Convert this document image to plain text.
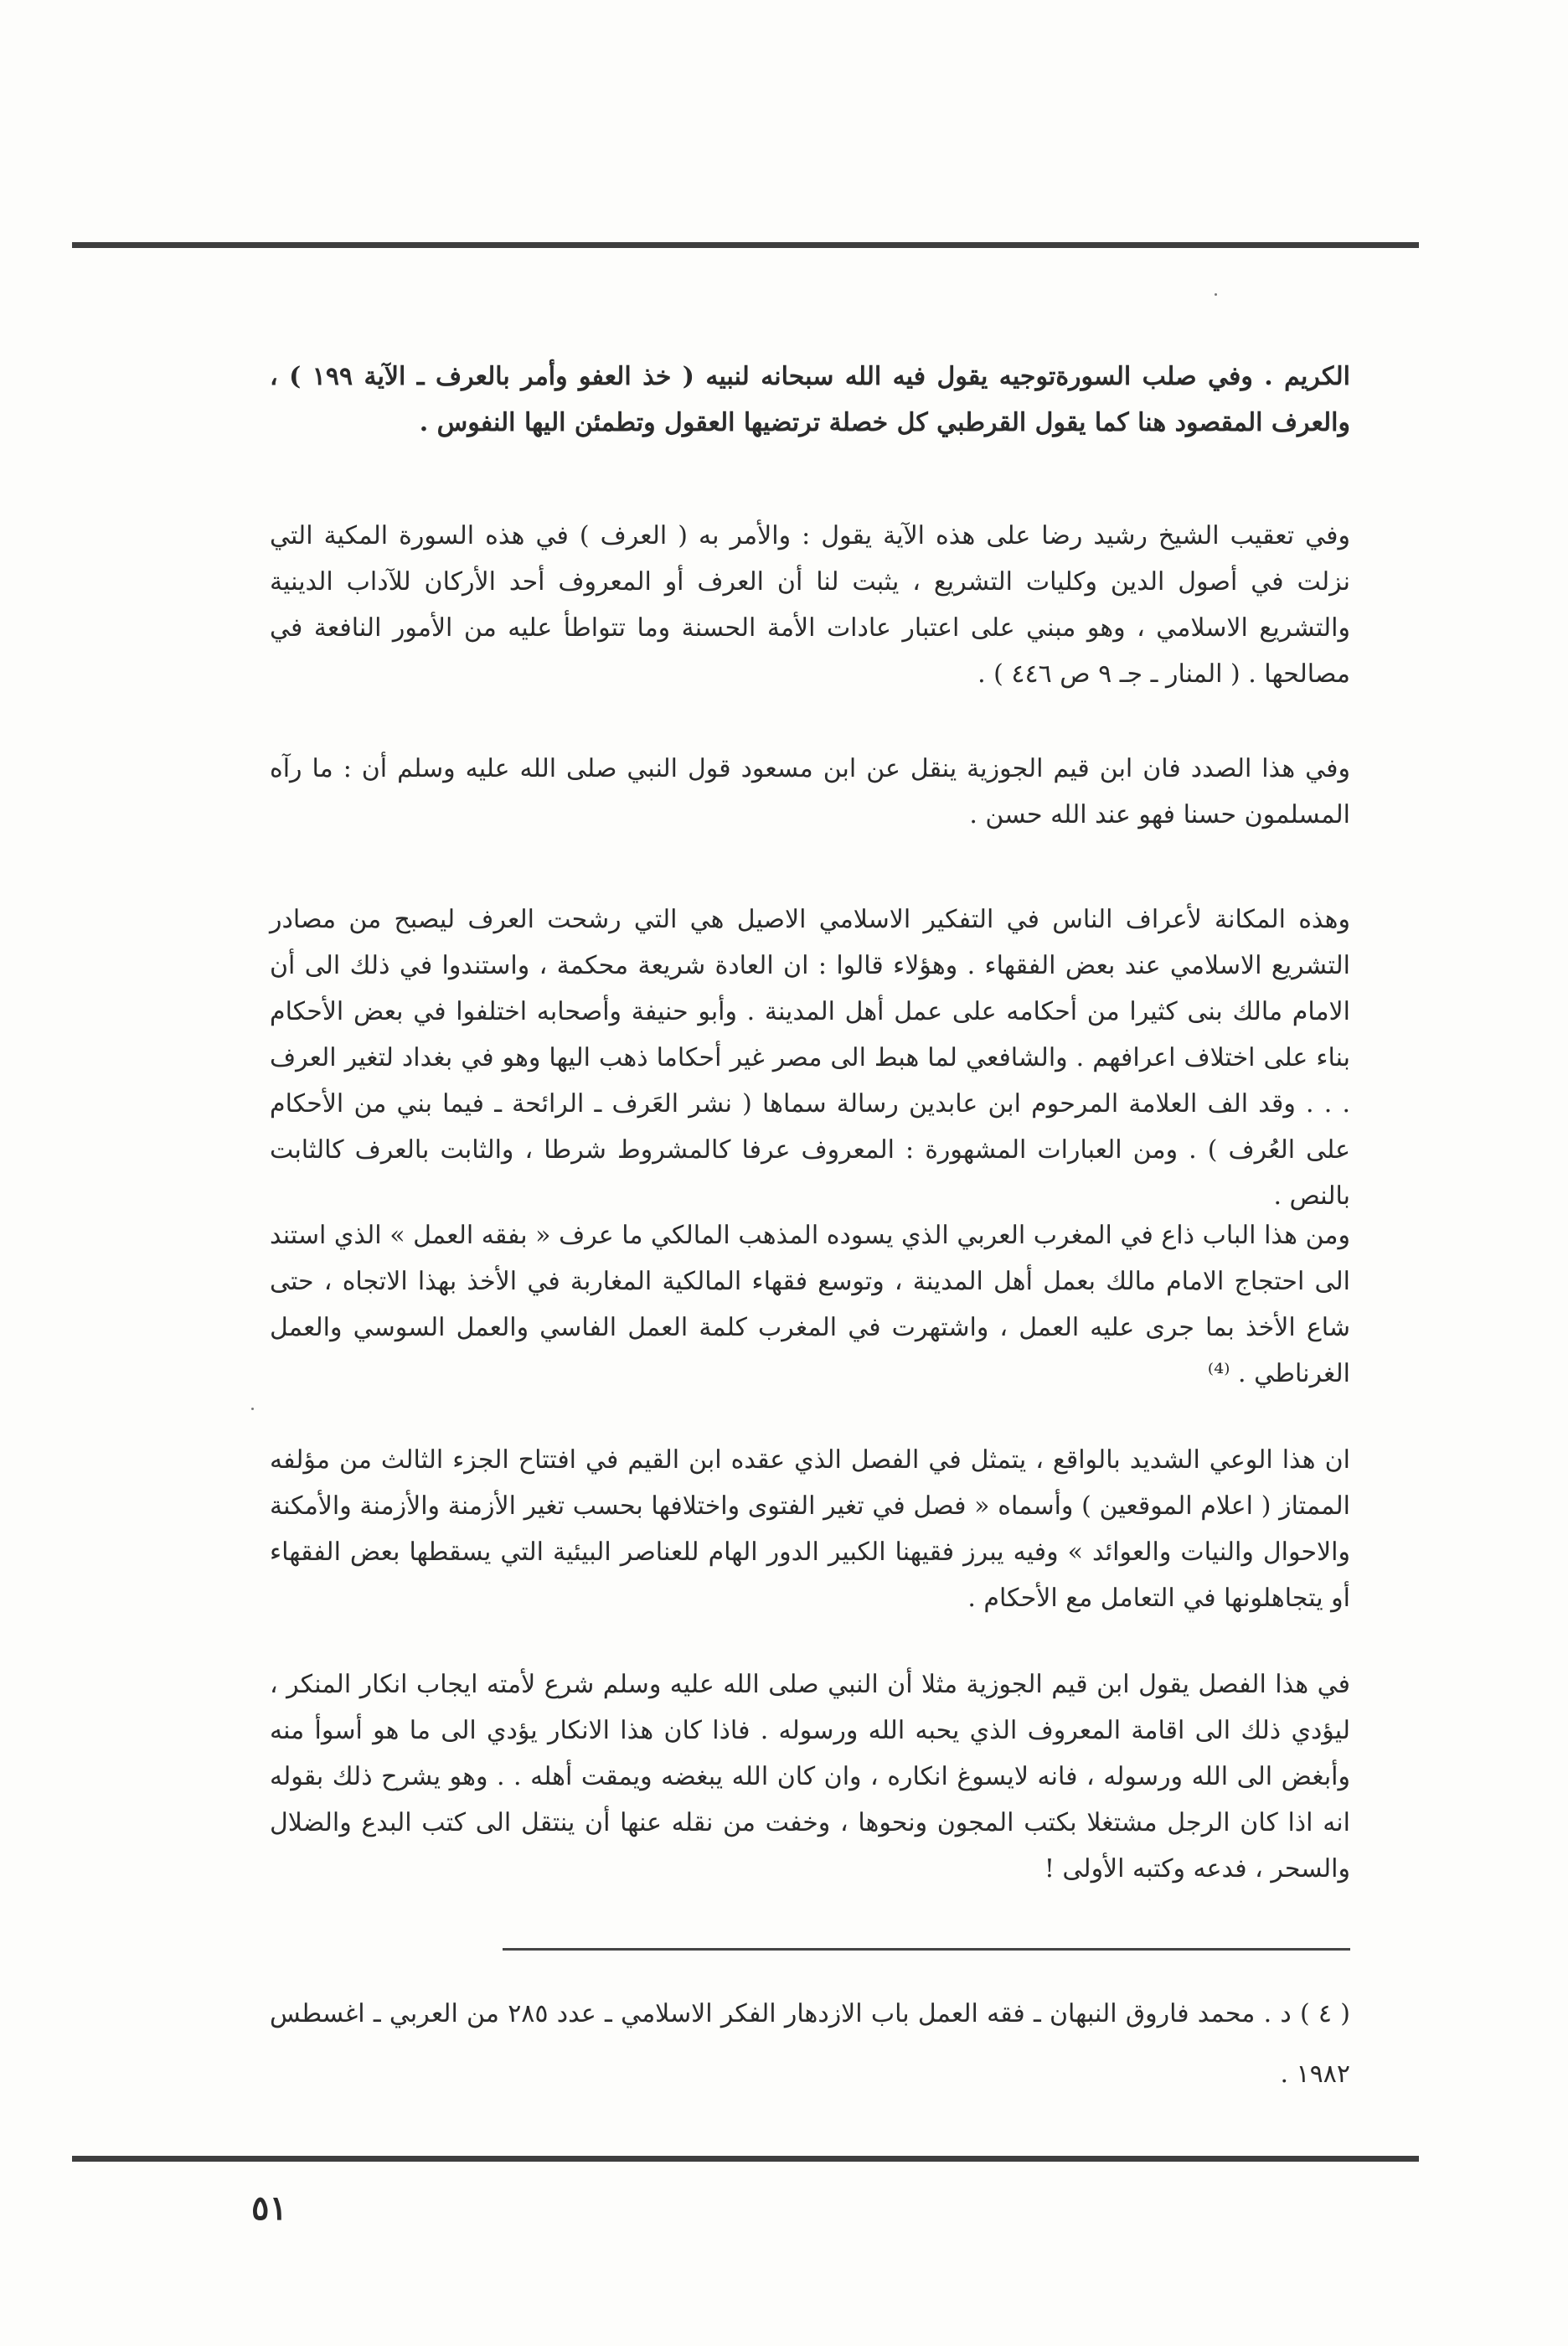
الكريم . وفي صلب السورةتوجيه يقول فيه الله سبحانه لنبيه ( خذ العفو وأمر بالعرف ـ الآية ١٩٩ ) ، والعرف المقصود هنا كما يقول القرطبي كل خصلة ترتضيها العقول وتطمئن اليها النفوس .

وفي تعقيب الشيخ رشيد رضا على هذه الآية يقول : والأمر به ( العرف ) في هذه السورة المكية التي نزلت في أصول الدين وكليات التشريع ، يثبت لنا أن العرف أو المعروف أحد الأركان للآداب الدينية والتشريع الاسلامي ، وهو مبني على اعتبار عادات الأمة الحسنة وما تتواطأ عليه من الأمور النافعة في مصالحها . ( المنار ـ جـ ٩ ص ٤٤٦ ) .

وفي هذا الصدد فان ابن قيم الجوزية ينقل عن ابن مسعود قول النبي صلى الله عليه وسلم أن : ما رآه المسلمون حسنا فهو عند الله حسن .

وهذه المكانة لأعراف الناس في التفكير الاسلامي الاصيل هي التي رشحت العرف ليصبح من مصادر التشريع الاسلامي عند بعض الفقهاء . وهؤلاء قالوا : ان العادة شريعة محكمة ، واستندوا في ذلك الى أن الامام مالك بنى كثيرا من أحكامه على عمل أهل المدينة . وأبو حنيفة وأصحابه اختلفوا في بعض الأحكام بناء على اختلاف اعرافهم . والشافعي لما هبط الى مصر غير أحكاما ذهب اليها وهو في بغداد لتغير العرف . . . وقد الف العلامة المرحوم ابن عابدين رسالة سماها ( نشر العَرف ـ الرائحة ـ فيما بني من الأحكام على العُرف ) . ومن العبارات المشهورة : المعروف عرفا كالمشروط شرطا ، والثابت بالعرف كالثابت بالنص .

ومن هذا الباب ذاع في المغرب العربي الذي يسوده المذهب المالكي ما عرف « بفقه العمل » الذي استند الى احتجاج الامام مالك بعمل أهل المدينة ، وتوسع فقهاء المالكية المغاربة في الأخذ بهذا الاتجاه ، حتى شاع الأخذ بما جرى عليه العمل ، واشتهرت في المغرب كلمة العمل الفاسي والعمل السوسي والعمل الغرناطي . ⁽⁴⁾

ان هذا الوعي الشديد بالواقع ، يتمثل في الفصل الذي عقده ابن القيم في افتتاح الجزء الثالث من مؤلفه الممتاز ( اعلام الموقعين ) وأسماه « فصل في تغير الفتوى واختلافها بحسب تغير الأزمنة والأزمنة والأمكنة والاحوال والنيات والعوائد » وفيه يبرز فقيهنا الكبير الدور الهام للعناصر البيئية التي يسقطها بعض الفقهاء أو يتجاهلونها في التعامل مع الأحكام .

في هذا الفصل يقول ابن قيم الجوزية مثلا أن النبي صلى الله عليه وسلم شرع لأمته ايجاب انكار المنكر ، ليؤدي ذلك الى اقامة المعروف الذي يحبه الله ورسوله . فاذا كان هذا الانكار يؤدي الى ما هو أسوأ منه وأبغض الى الله ورسوله ، فانه لايسوغ انكاره ، وان كان الله يبغضه ويمقت أهله . . وهو يشرح ذلك بقوله انه اذا كان الرجل مشتغلا بكتب المجون ونحوها ، وخفت من نقله عنها أن ينتقل الى كتب البدع والضلال والسحر ، فدعه وكتبه الأولى !

( ٤ ) د . محمد فاروق النبهان ـ فقه العمل باب الازدهار الفكر الاسلامي ـ عدد ٢٨٥ من العربي ـ اغسطس ١٩٨٢ .

٥١
